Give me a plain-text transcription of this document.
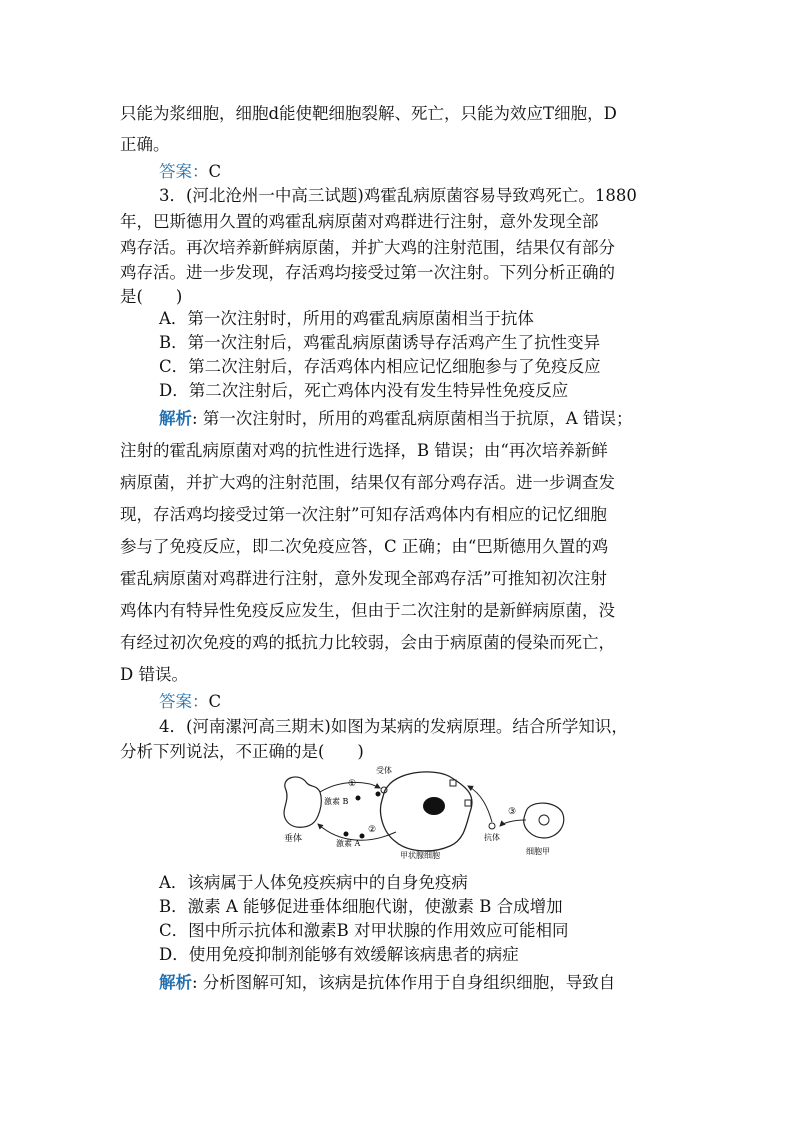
只能为浆细胞，细胞d能使靶细胞裂解、死亡，只能为效应T细胞，D
正确。
答案：C
3．(河北沧州一中高三试题)鸡霍乱病原菌容易导致鸡死亡。1880
年，巴斯德用久置的鸡霍乱病原菌对鸡群进行注射，意外发现全部
鸡存活。再次培养新鲜病原菌，并扩大鸡的注射范围，结果仅有部分
鸡存活。进一步发现，存活鸡均接受过第一次注射。下列分析正确的
是(　　)
A．第一次注射时，所用的鸡霍乱病原菌相当于抗体
B．第一次注射后，鸡霍乱病原菌诱导存活鸡产生了抗性变异
C．第二次注射后，存活鸡体内相应记忆细胞参与了免疫反应
D．第二次注射后，死亡鸡体内没有发生特异性免疫反应
解析: 第一次注射时，所用的鸡霍乱病原菌相当于抗原，A 错误；
注射的霍乱病原菌对鸡的抗性进行选择，B 错误；由“再次培养新鲜
病原菌，并扩大鸡的注射范围，结果仅有部分鸡存活。进一步调查发
现，存活鸡均接受过第一次注射”可知存活鸡体内有相应的记忆细胞
参与了免疫反应，即二次免疫应答，C 正确；由“巴斯德用久置的鸡
霍乱病原菌对鸡群进行注射，意外发现全部鸡存活”可推知初次注射
鸡体内有特异性免疫反应发生，但由于二次注射的是新鲜病原菌，没
有经过初次免疫的鸡的抵抗力比较弱，会由于病原菌的侵染而死亡，
D 错误。
答案：C
4．(河南漯河高三期末)如图为某病的发病原理。结合所学知识，
分析下列说法，不正确的是(　　)
垂体
甲状腺细胞
受体
①
激素 B
②
激素 A
细胞甲
③
抗体
A．该病属于人体免疫疾病中的自身免疫病
B．激素 A 能够促进垂体细胞代谢，使激素 B 合成增加
C．图中所示抗体和激素B 对甲状腺的作用效应可能相同
D．使用免疫抑制剂能够有效缓解该病患者的病症
解析: 分析图解可知，该病是抗体作用于自身组织细胞，导致自
